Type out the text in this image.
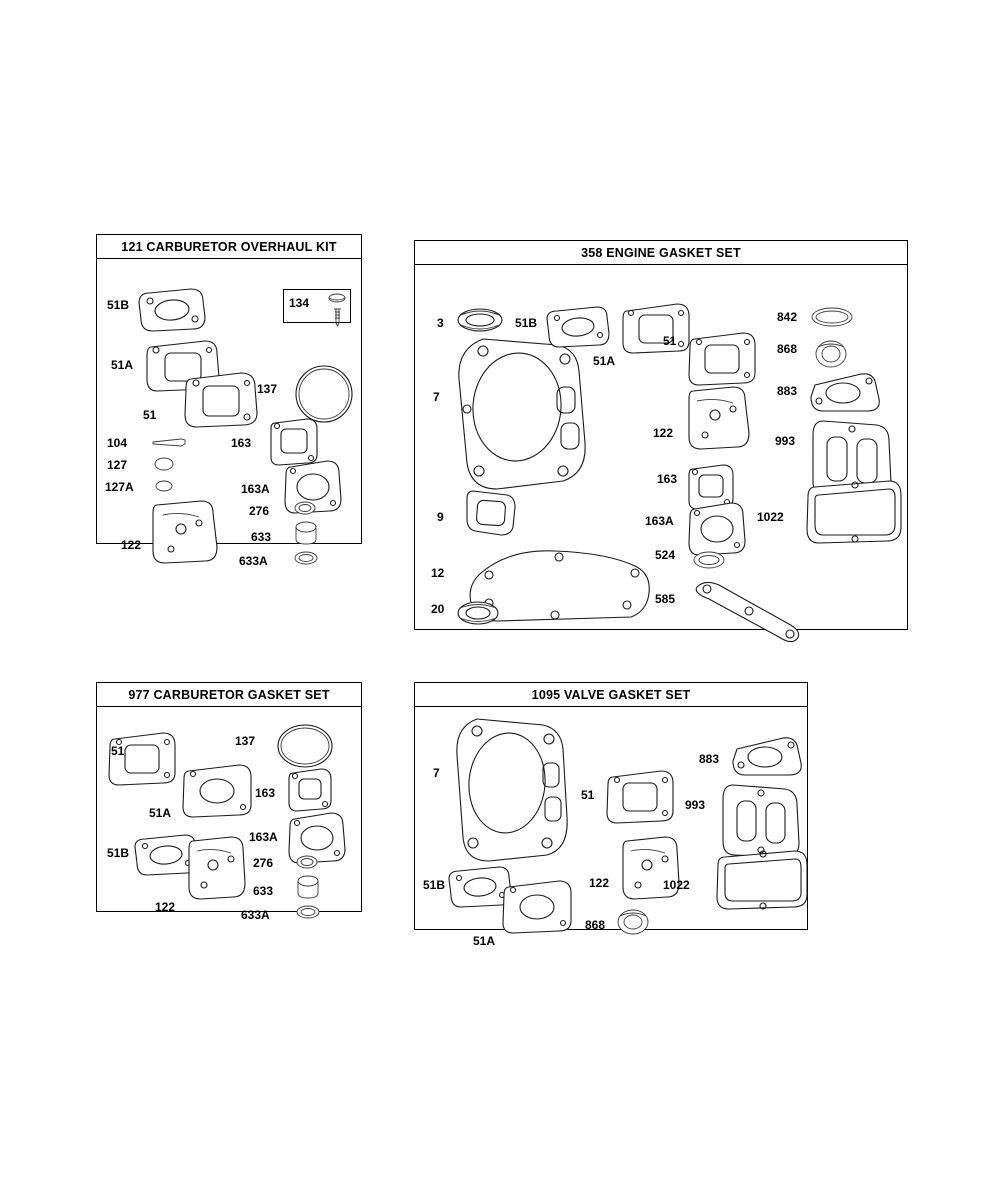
121 CARBURETOR OVERHAUL KIT
51B
51A
51
104
127
127A
122
134
137
163
163A
276
633
633A
358 ENGINE GASKET SET
3
7
9
12
20
51B
51A
51
122
163
163A
524
585
842
868
883
993
1022
977 CARBURETOR GASKET SET
51
51A
51B
122
137
163
163A
276
633
633A
1095 VALVE GASKET SET
7
51B
51A
51
122
868
883
993
1022
